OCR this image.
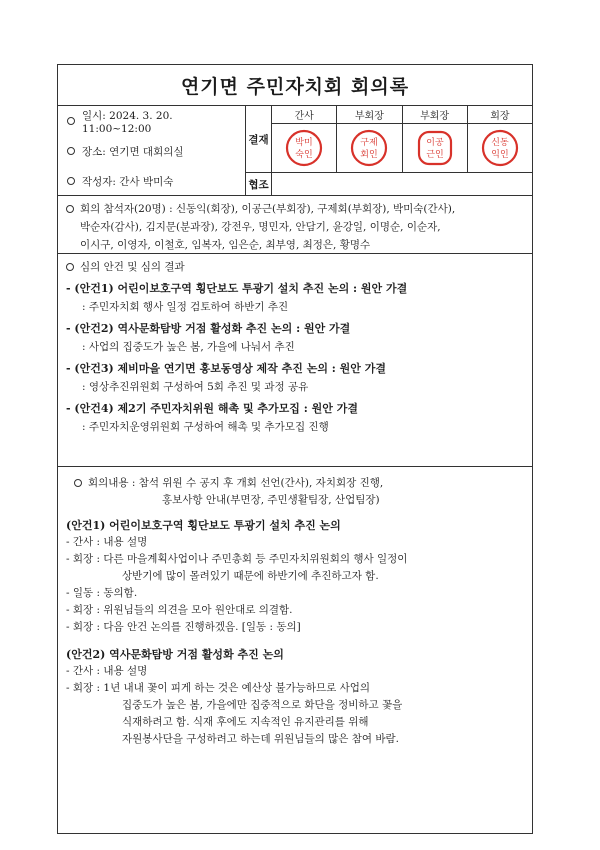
연기면 주민자치회 회의록
일시: 2024. 3. 20. 11:00~12:00
장소: 연기면 대회의실
작성자: 간사 박미숙
결재
협조
간사
박미
숙인
부회장
구제
회인
부회장
이공
근인
회장
신동
익인
회의 참석자(20명) : 신동익(회장), 이공근(부회장), 구제회(부회장), 박미숙(간사),
박순자(감사), 김지문(분과장), 강전우, 명민자, 안담기, 윤강일, 이명순, 이순자,
이시구, 이영자, 이철호, 임복자, 임은순, 최부영, 최정은, 황명수
심의 안건 및 심의 결과
- (안건1) 어린이보호구역 횡단보도 투광기 설치 추진 논의 : 원안 가결
: 주민자치회 행사 일정 검토하여 하반기 추진
- (안건2) 역사문화탐방 거점 활성화 추진 논의 : 원안 가결
: 사업의 집중도가 높은 봄, 가을에 나눠서 추진
- (안건3) 제비마을 연기면 홍보동영상 제작 추진 논의 : 원안 가결
: 영상추진위원회 구성하여 5회 추진 및 과정 공유
- (안건4) 제2기 주민자치위원 해촉 및 추가모집 : 원안 가결
: 주민자치운영위원회 구성하여 해촉 및 추가모집 진행
회의내용 : 참석 위원 수 공지 후 개회 선언(간사), 자치회장 진행,
홍보사항 안내(부면장, 주민생활팀장, 산업팀장)
(안건1) 어린이보호구역 횡단보도 투광기 설치 추진 논의
- 간사 : 내용 설명
- 회장 : 다른 마을계획사업이나 주민총회 등 주민자치위원회의 행사 일정이
상반기에 많이 몰려있기 때문에 하반기에 추진하고자 함.
- 일동 : 동의함.
- 회장 : 위원님들의 의견을 모아 원안대로 의결함.
- 회장 : 다음 안건 논의를 진행하겠음. [일동 : 동의]
(안건2) 역사문화탐방 거점 활성화 추진 논의
- 간사 : 내용 설명
- 회장 : 1년 내내 꽃이 피게 하는 것은 예산상 불가능하므로 사업의
집중도가 높은 봄, 가을에만 집중적으로 화단을 정비하고 꽃을
식재하려고 함. 식재 후에도 지속적인 유지관리를 위해
자원봉사단을 구성하려고 하는데 위원님들의 많은 참여 바람.
